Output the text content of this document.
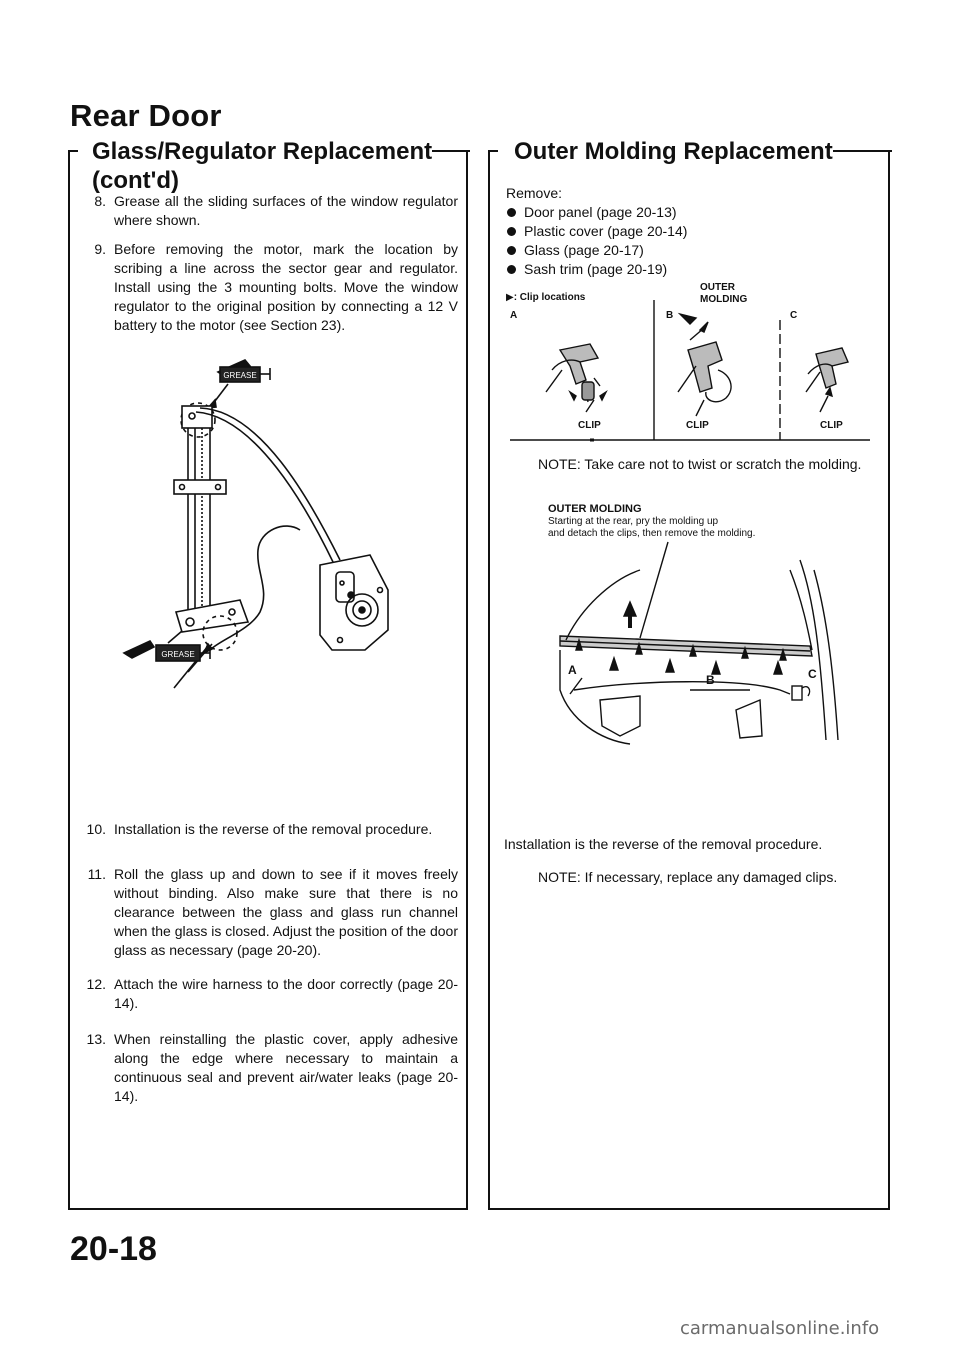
Rear Door
Glass/Regulator Replacement
(cont'd)
8. Grease all the sliding surfaces of the window regulator where shown.
9. Before removing the motor, mark the location by scribing a line across the sector gear and regulator. Install using the 3 mounting bolts. Move the window regulator to the original position by connecting a 12 V battery to the motor (see Section 23).
GREASE
GREASE
10. Installation is the reverse of the removal procedure.
11. Roll the glass up and down to see if it moves freely without binding. Also make sure that there is no clearance between the glass and glass run channel when the glass is closed. Adjust the position of the door glass as necessary (page 20-20).
12. Attach the wire harness to the door correctly (page 20-14).
13. When reinstalling the plastic cover, apply adhesive along the edge where necessary to maintain a continuous seal and prevent air/water leaks (page 20-14).
Outer Molding Replacement
Remove:
Door panel (page 20-13)
Plastic cover (page 20-14)
Glass (page 20-17)
Sash trim (page 20-19)
▶: Clip locations
OUTER MOLDING
A	B	C
CLIP	CLIP	CLIP
NOTE: Take care not to twist or scratch the molding.
OUTER MOLDING
Starting at the rear, pry the molding up
and detach the clips, then remove the molding.
A
B	C
Installation is the reverse of the removal procedure.
NOTE: If necessary, replace any damaged clips.
20-18
carmanualsonline.info
